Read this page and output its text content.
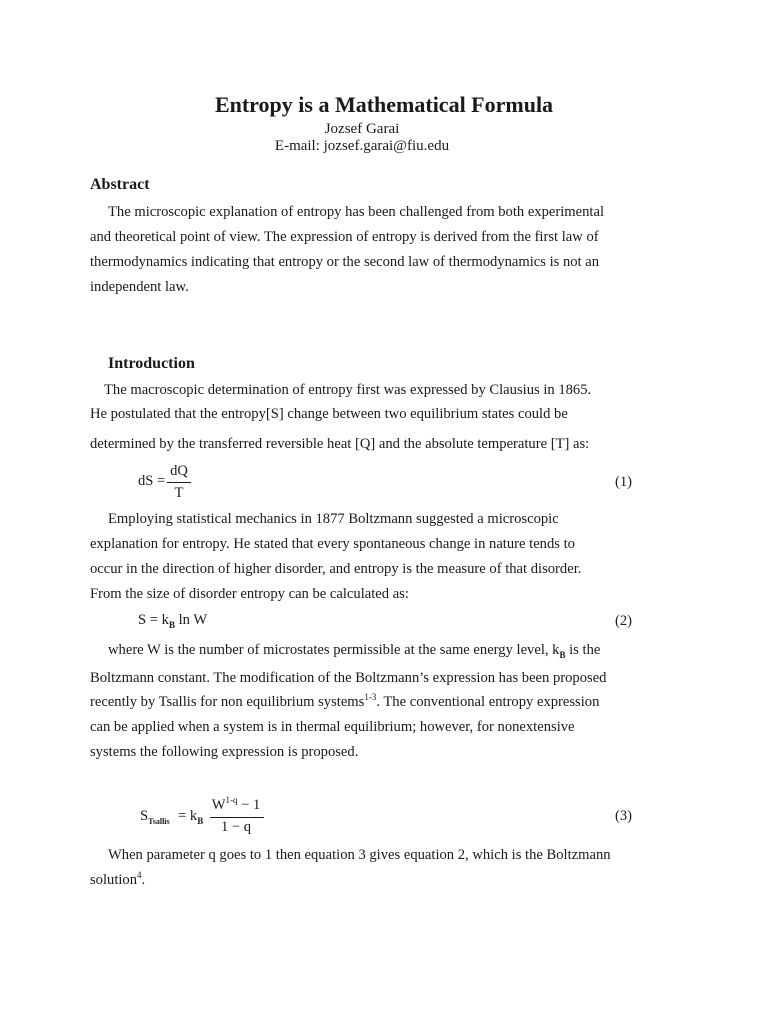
Entropy is a Mathematical Formula
Jozsef Garai
E-mail: jozsef.garai@fiu.edu
Abstract
The microscopic explanation of entropy has been challenged from both experimental
and theoretical point of view. The expression of entropy is derived from the first law of
thermodynamics indicating that entropy or the second law of thermodynamics is not an
independent law.
Introduction
The macroscopic determination of entropy first was expressed by Clausius in 1865.
He postulated that the entropy[S] change between two equilibrium states could be
determined by the transferred reversible heat [Q] and the absolute temperature [T] as:
dS =
dQ
T
(1)
Employing statistical mechanics in 1877 Boltzmann suggested a microscopic
explanation for entropy. He stated that every spontaneous change in nature tends to
occur in the direction of higher disorder, and entropy is the measure of that disorder.
From the size of disorder entropy can be calculated as:
$S = k_B$ ln W	(2)
where W is the number of microstates permissible at the same energy level, $k_B$ is the
Boltzmann constant. The modification of the Boltzmann’s expression has been proposed
recently by Tsallis for non equilibrium systems$^{1-3}$. The conventional entropy expression
can be applied when a system is in thermal equilibrium; however, for nonextensive
systems the following expression is proposed.
$S_{Tsallis} = k_B$
$W^{1-q} - 1$
1 − q
(3)
When parameter q goes to 1 then equation 3 gives equation 2, which is the Boltzmann
solution$^4$.
